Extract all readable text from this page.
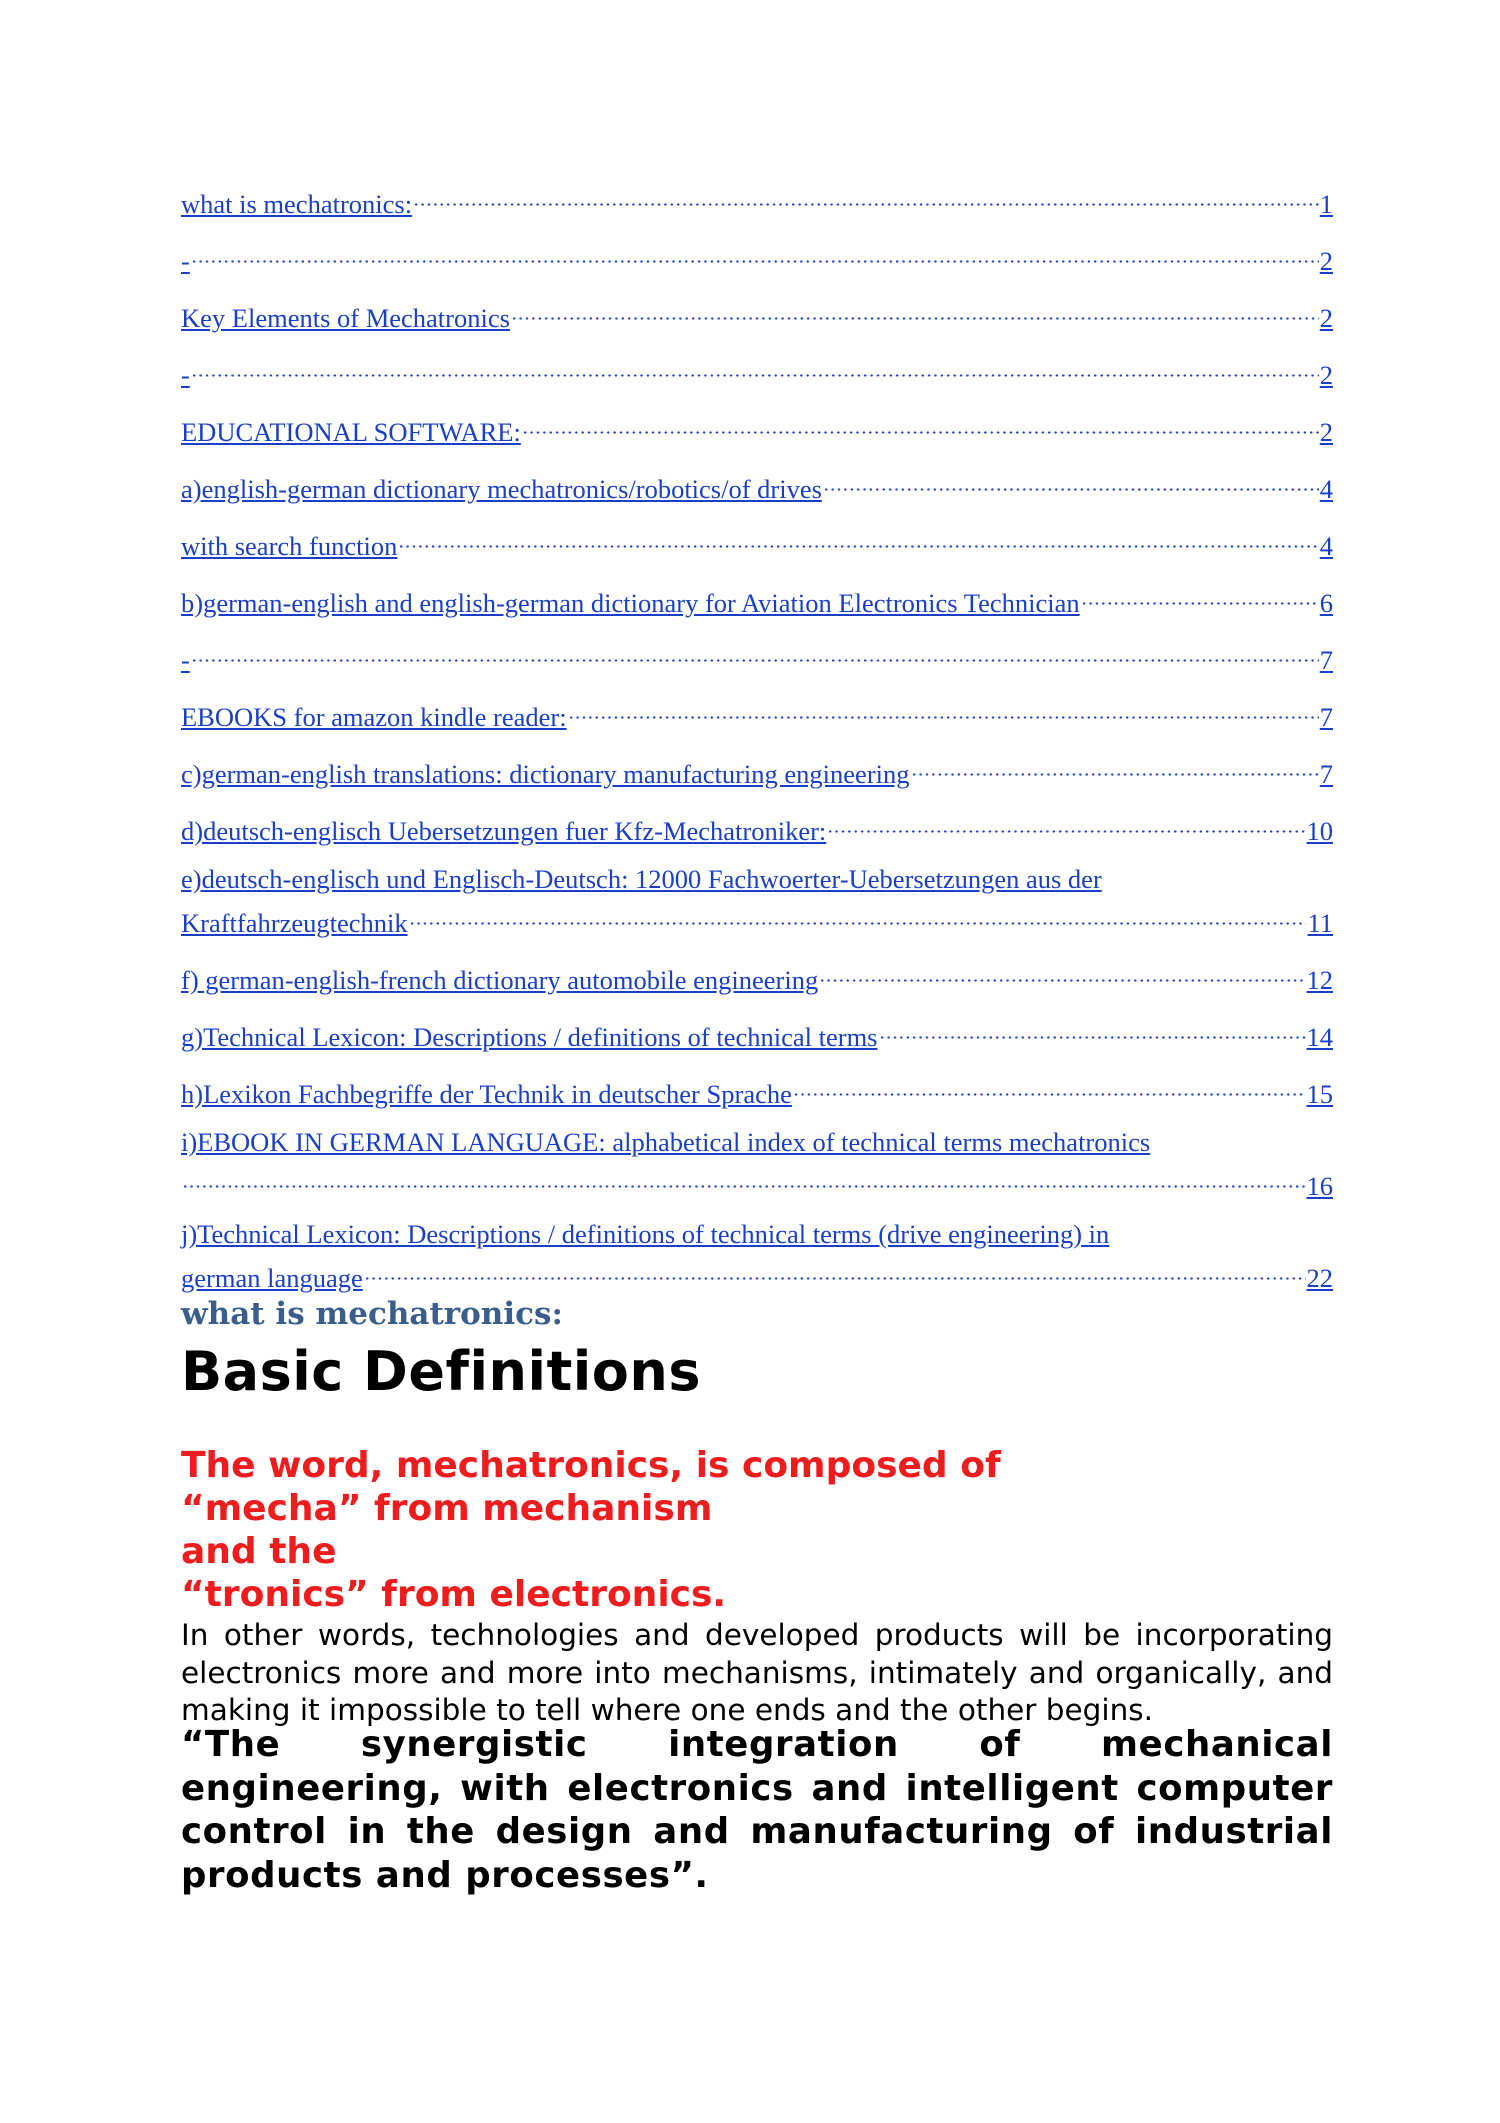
what is mechatronics:	1
-	2
Key Elements of Mechatronics	2
-	2
EDUCATIONAL SOFTWARE:	2
a)english-german dictionary mechatronics/robotics/of drives	4
with search function	4
b)german-english and english-german dictionary for Aviation Electronics Technician	6
-	7
EBOOKS for amazon kindle reader:	7
c)german-english translations: dictionary manufacturing engineering	7
d)deutsch-englisch Uebersetzungen fuer Kfz-Mechatroniker:	10
e)deutsch-englisch und Englisch-Deutsch: 12000 Fachwoerter-Uebersetzungen aus der
Kraftfahrzeugtechnik	11
f) german-english-french dictionary automobile engineering	12
g)Technical Lexicon: Descriptions / definitions of technical terms	14
h)Lexikon Fachbegriffe der Technik in deutscher Sprache	15
i)EBOOK IN GERMAN LANGUAGE: alphabetical index of technical terms mechatronics
16
j)Technical Lexicon: Descriptions / definitions of technical terms (drive engineering) in
german language	22
what is mechatronics:
Basic Definitions
The word, mechatronics, is composed of
“mecha” from mechanism
and the
“tronics” from electronics.

In other words, technologies and developed products will be incorporating electronics more and more into mechanisms, intimately and organically, and making it impossible to tell where one ends and the other begins.

“The synergistic integration of mechanical engineering, with electronics and intelligent computer control in the design and manufacturing of industrial products and processes”.
